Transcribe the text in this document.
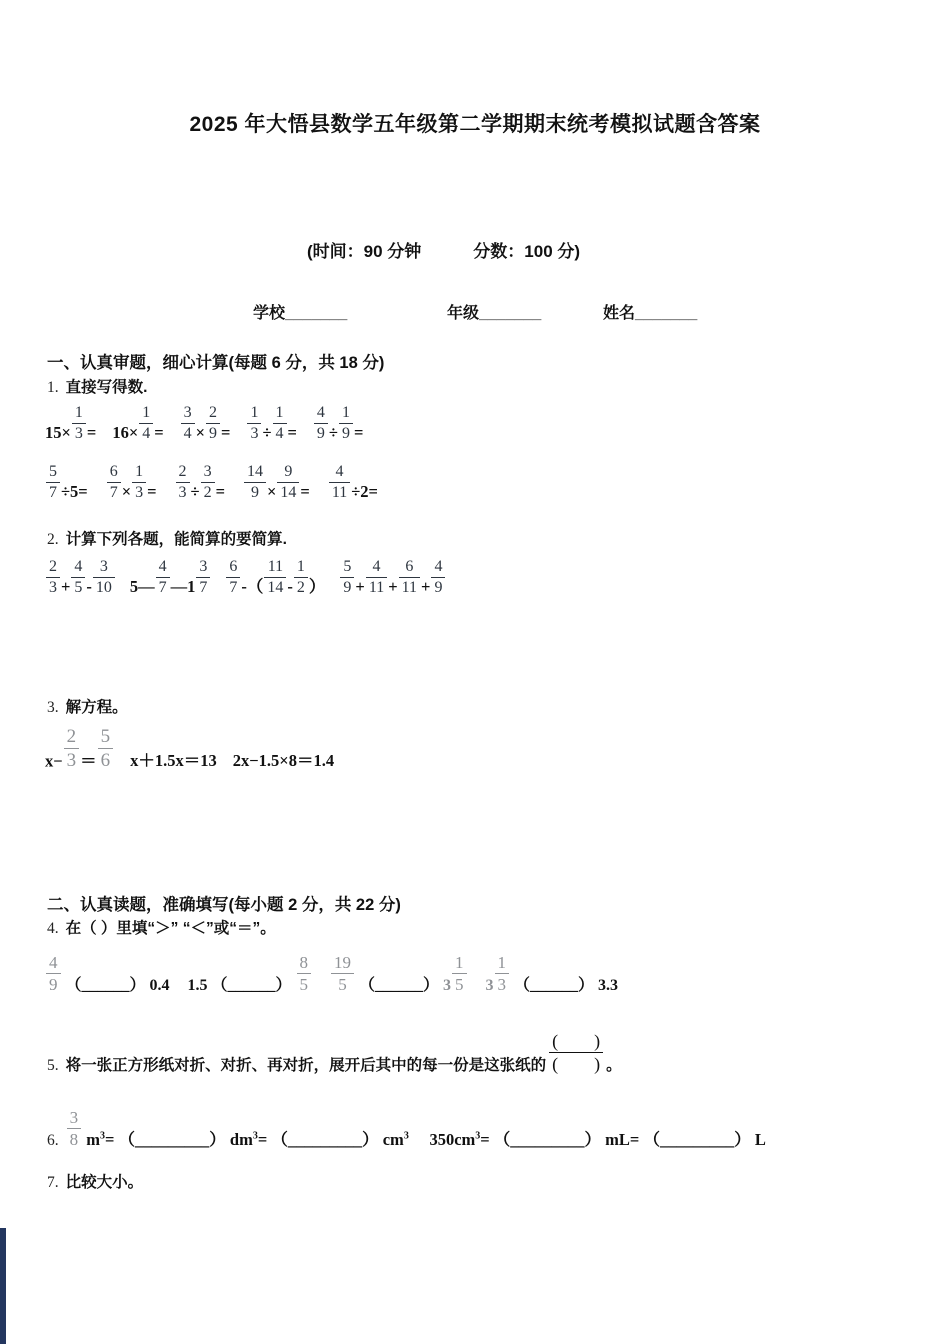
2025 年大悟县数学五年级第二学期期末统考模拟试题含答案
(时间：90 分钟	分数：100 分)
学校_______	年级_______	姓名_______
一、认真审题，细心计算(每题 6 分，共 18 分)
1. 直接写得数.
$15\times \frac{1}{3} = 16\times \frac{1}{4} = \frac{3}{4} \times \frac{2}{9} = \frac{1}{3} \div \frac{1}{4} = \frac{4}{9} \div \frac{1}{9}$ =
$\frac{5}{7} \div 5= \frac{6}{7} \times \frac{1}{3} = \frac{2}{3} \div \frac{3}{2} = \frac{14}{9} \times \frac{9}{14} = \frac{4}{11} \div 2=$
2. 计算下列各题，能简算的要简算.
$\frac{2}{3} + \frac{4}{5} - \frac{3}{10}$ 5— $\frac{4}{7}$ —1 $\frac{3}{7} \frac{6}{7}$ -（ $\frac{11}{14} - \frac{1}{2}$ ） $\frac{5}{9} + \frac{4}{11} + \frac{6}{11} + \frac{4}{9}$
3. 解方程。
$x- \frac{2}{3} = \frac{5}{6} x+1.5x=13$ 2x−1.5×8＝1.4
二、认真读题，准确填写(每小题 2 分，共 22 分)
4. 在（ ）里填“＞” “＜”或“＝”。
$\frac{4}{9}$ （______） 0.4 1.5 （______） $\frac{8}{5} \frac{19}{5}$ （______） $3 \frac{1}{5} 3 \frac{1}{3}$ （______） 3.3
5. 将一张正方形纸对折、对折、再对折，展开后其中的每一份是这张纸的 $\frac{( )}{( )}$ 。
6. $\frac{3}{8} m^3=$ （_________） $dm^3=$ （_________） $cm^3$　 $350cm^3=$ （_________） mL= （_________） L
7. 比较大小。
